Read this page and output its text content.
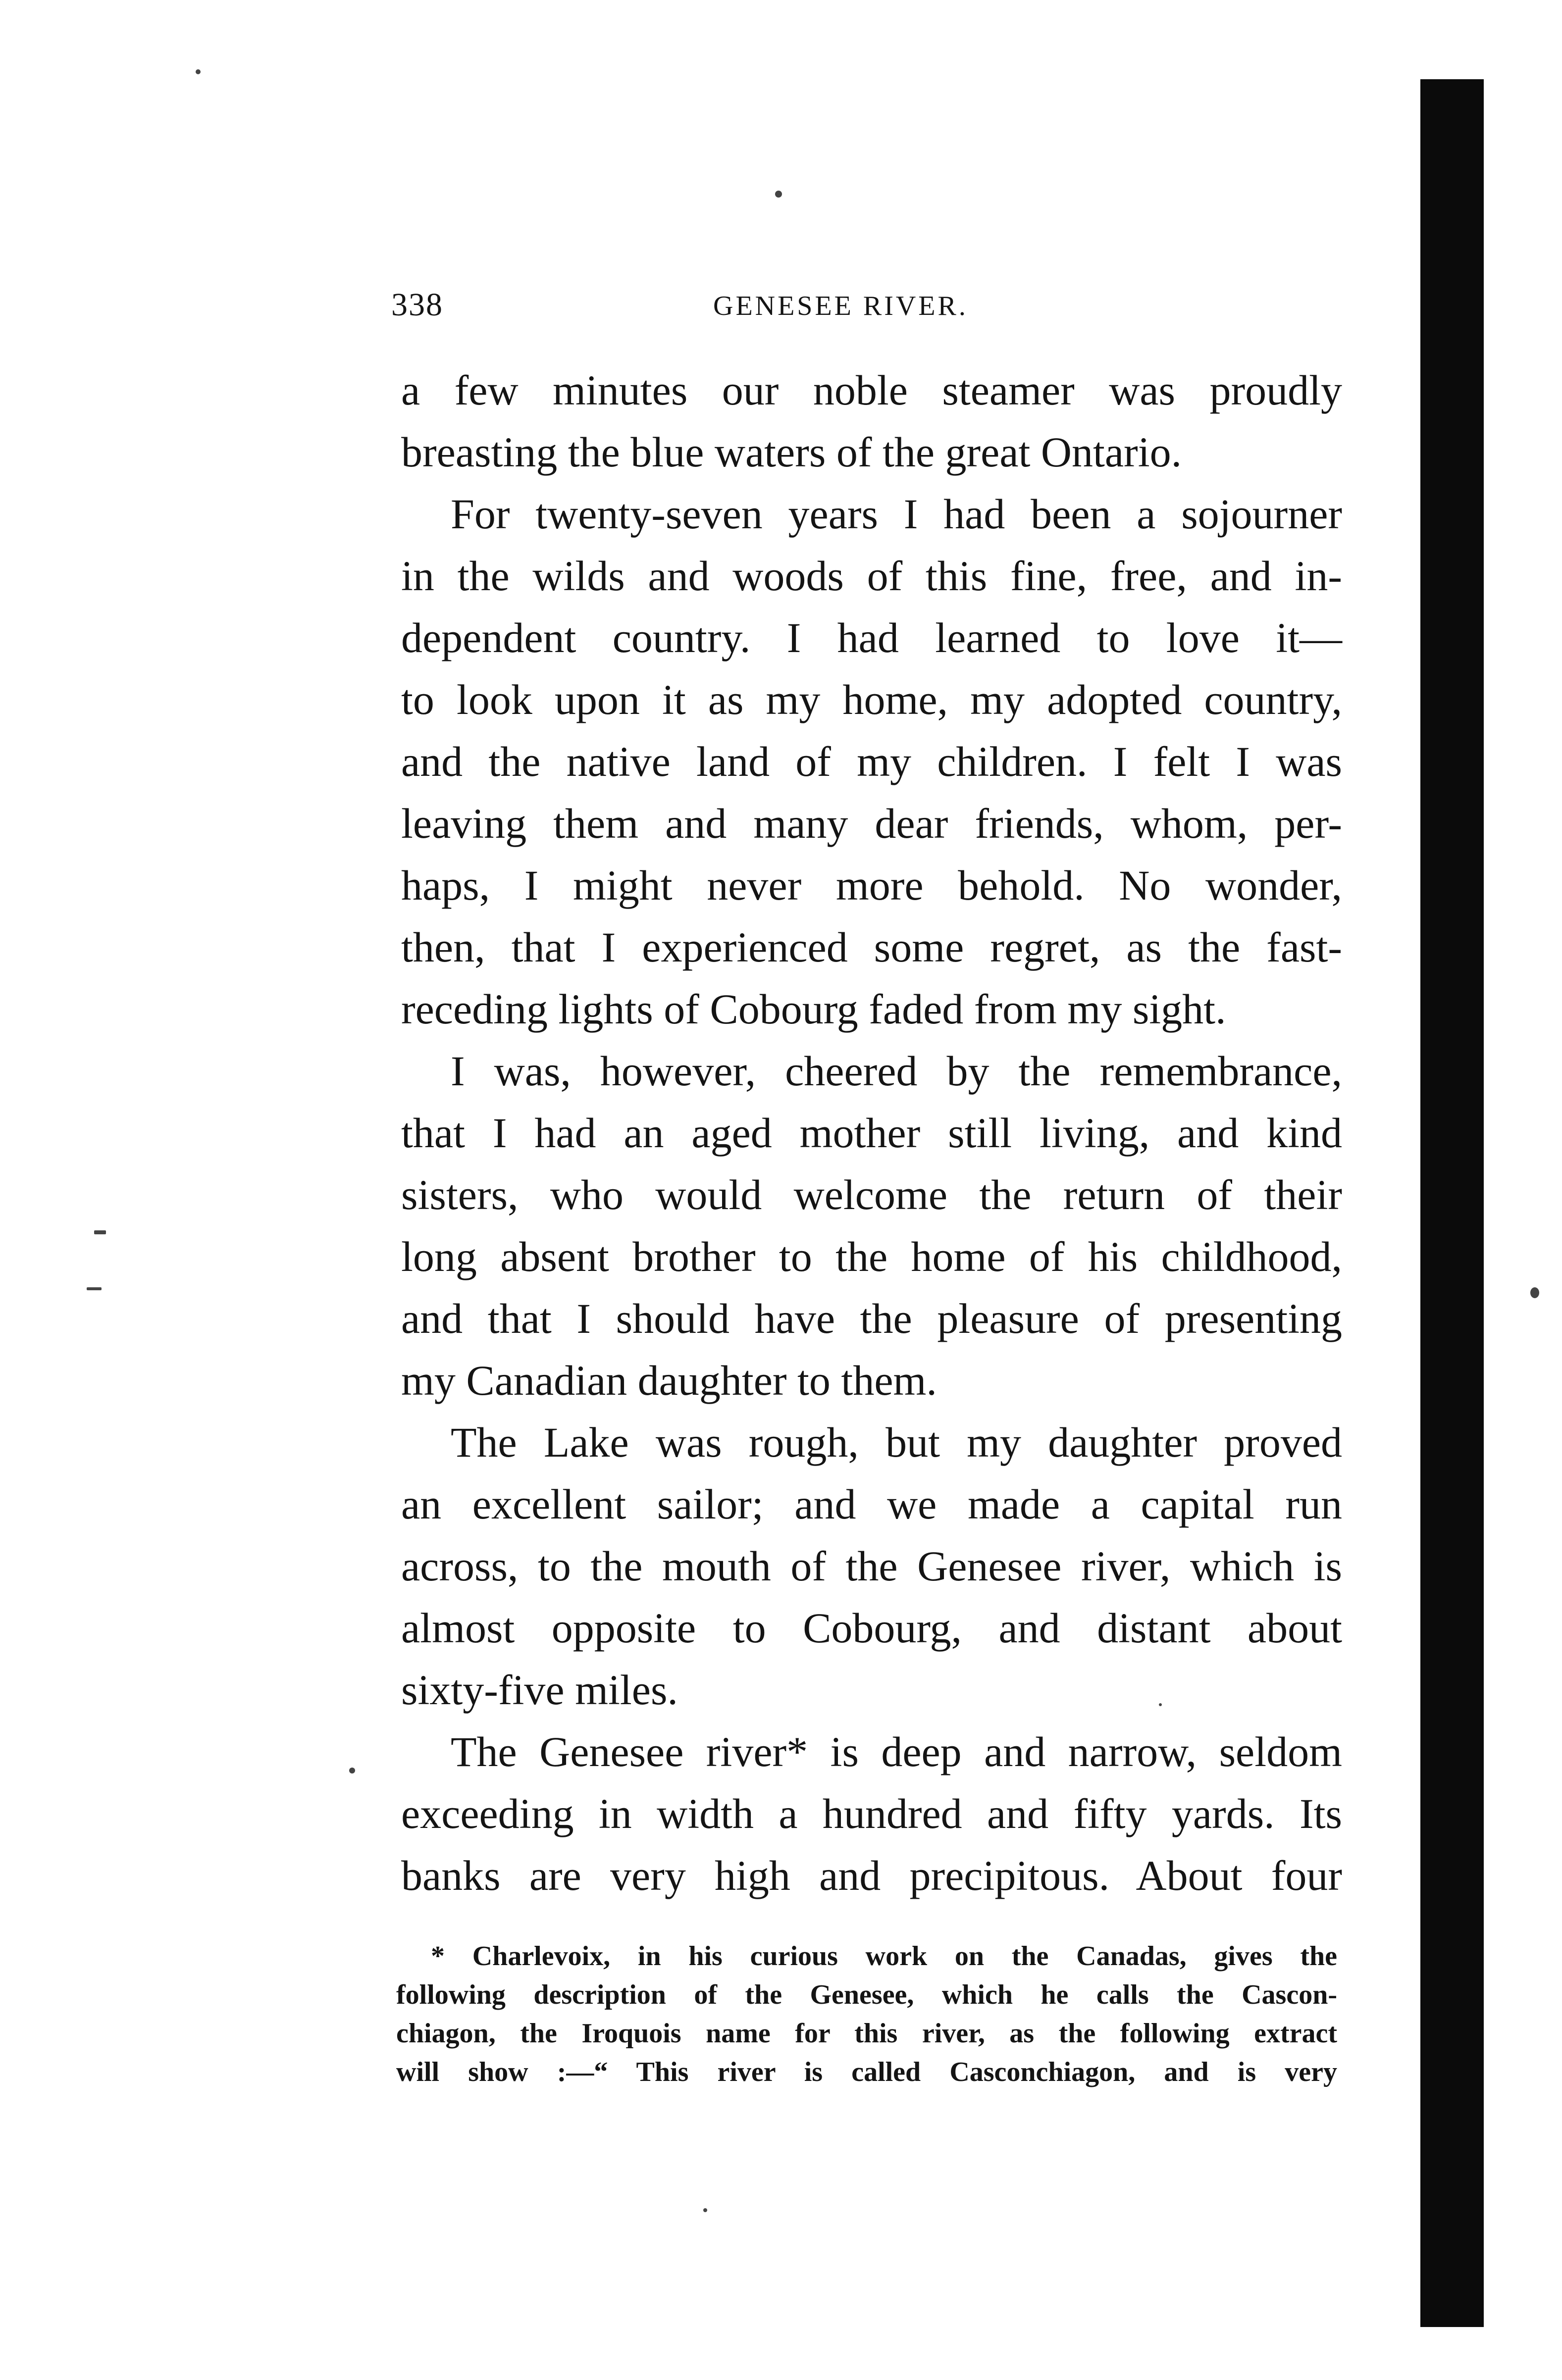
338	GENESEE RIVER.
a few minutes our noble steamer was proudly
breasting the blue waters of the great Ontario.
For twenty-seven years I had been a sojourner
in the wilds and woods of this fine, free, and in-
dependent country. I had learned to love it—
to look upon it as my home, my adopted country,
and the native land of my children. I felt I was
leaving them and many dear friends, whom, per-
haps, I might never more behold. No wonder,
then, that I experienced some regret, as the fast-
receding lights of Cobourg faded from my sight.
I was, however, cheered by the remembrance,
that I had an aged mother still living, and kind
sisters, who would welcome the return of their
long absent brother to the home of his childhood,
and that I should have the pleasure of presenting
my Canadian daughter to them.
The Lake was rough, but my daughter proved
an excellent sailor; and we made a capital run
across, to the mouth of the Genesee river, which is
almost opposite to Cobourg, and distant about
sixty-five miles.
The Genesee river* is deep and narrow, seldom
exceeding in width a hundred and fifty yards. Its
banks are very high and precipitous. About four
* Charlevoix, in his curious work on the Canadas, gives the
following description of the Genesee, which he calls the Cascon-
chiagon, the Iroquois name for this river, as the following extract
will show :—“ This river is called Casconchiagon, and is very
